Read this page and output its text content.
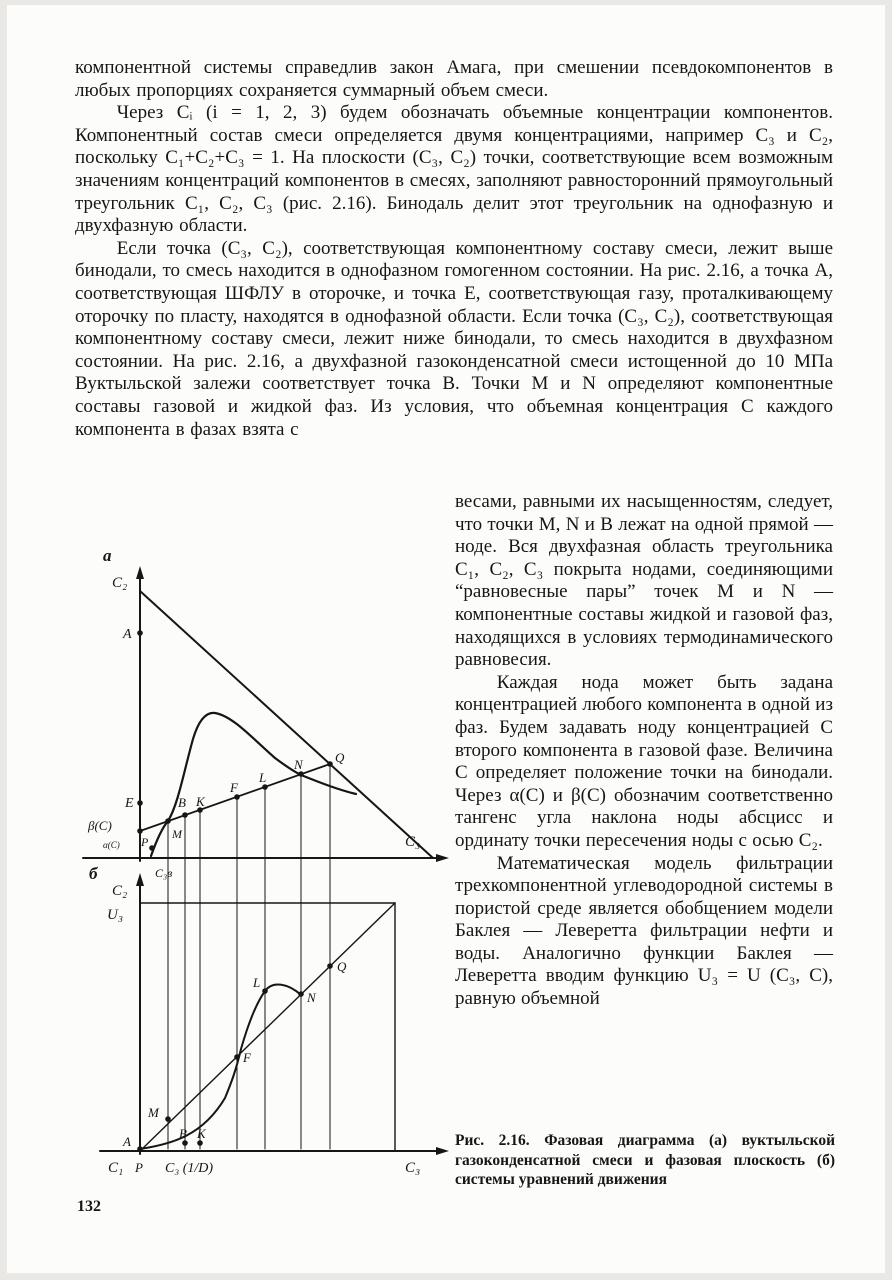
компонентной системы справедлив закон Амага, при смешении псевдокомпонентов в любых пропорциях сохраняется суммарный объем смеси.

Через Сᵢ (i = 1, 2, 3) будем обозначать объемные концентрации компонентов. Компонентный состав смеси определяется двумя концентрациями, например С₃ и С₂, поскольку С₁+С₂+С₃ = 1. На плоскости (С₃, С₂) точки, соответствующие всем возможным значениям концентраций компонентов в смесях, заполняют равносторонний прямоугольный треугольник С₁, С₂, С₃ (рис. 2.16). Бинодаль делит этот треугольник на однофазную и двухфазную области.

Если точка (С₃, С₂), соответствующая компонентному составу смеси, лежит выше бинодали, то смесь находится в однофазном гомогенном состоянии. На рис. 2.16, а точка А, соответствующая ШФЛУ в оторочке, и точка Е, соответствующая газу, проталкивающему оторочку по пласту, находятся в однофазной области. Если точка (С₃, С₂), соответствующая компонентному составу смеси, лежит ниже бинодали, то смесь находится в двухфазном состоянии. На рис. 2.16, а двухфазной газоконденсатной смеси истощенной до 10 МПа Вуктыльской залежи соответствует точка В. Точки М и N определяют компонентные составы газовой и жидкой фаз. Из условия, что объемная концентрация С каждого компонента в фазах взята с

а
С₂
А
Е
β(С)
α(С) Р
М
В К
F
L
N Q
С₃
С₃в
б
С₂
U₃
Q
L
N
F
М
А
В К
С₁ Р С₃ (1/D)	С₃

весами, равными их насыщенностям, следует, что точки М, N и В лежат на одной прямой — ноде. Вся двухфазная область треугольника С₁, С₂, С₃ покрыта нодами, соединяющими “равновесные пары” точек М и N — компонентные составы жидкой и газовой фаз, находящихся в условиях термодинамического равновесия.

Каждая нода может быть задана концентрацией любого компонента в одной из фаз. Будем задавать ноду концентрацией С второго компонента в газовой фазе. Величина С определяет положение точки на бинодали. Через α(С) и β(С) обозначим соответственно тангенс угла наклона ноды абсцисс и ординату точки пересечения ноды с осью С₂.

Математическая модель фильтрации трехкомпонентной углеводородной системы в пористой среде является обобщением модели Баклея — Леверетта фильтрации нефти и воды. Аналогично функции Баклея — Леверетта вводим функцию U₃ = U (С₃, С), равную объемной

Рис. 2.16. Фазовая диаграмма (а) вуктыльской газоконденсатной смеси и фазовая плоскость (б) системы уравнений движения
132
